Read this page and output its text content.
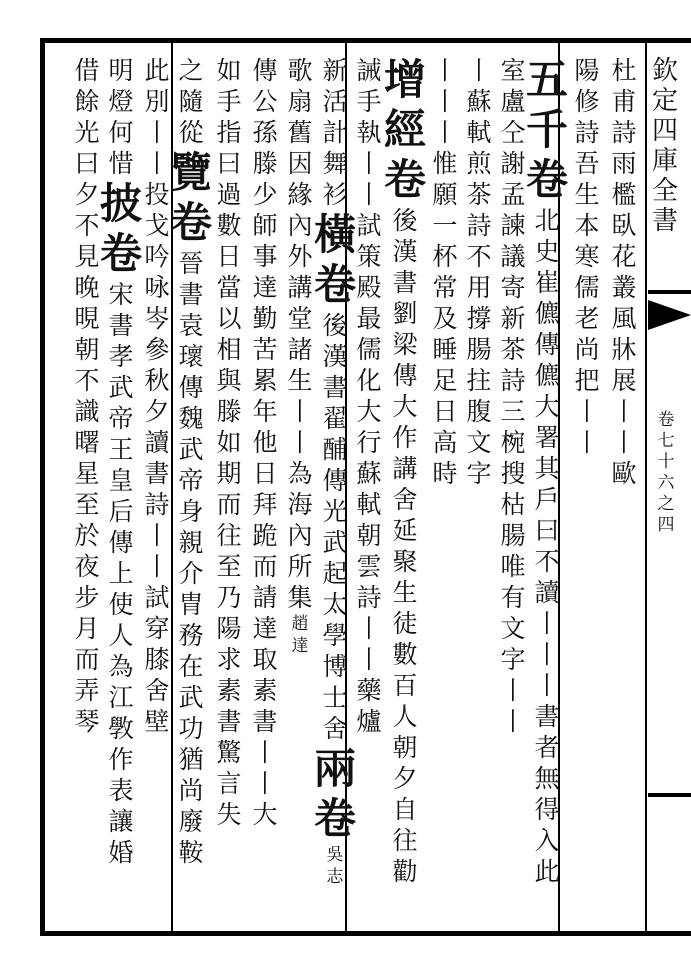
欽
定
四
庫
全
書
卷
七
十
六
之
四
杜
甫
詩
雨
檻
臥
花
叢
風
牀
展
丨
丨
歐
陽
修
詩
吾
生
本
寒
儒
老
尚
把
丨
丨
五
千
卷
北
史
崔
儦
傳
儦
大
署
其
戶
曰
不
讀
丨
丨
丨
書
者
無
得
入
此
室
盧
仝
謝
孟
諫
議
寄
新
茶
詩
三
椀
搜
枯
腸
唯
有
文
字
丨
丨
丨
蘇
軾
煎
茶
詩
不
用
撐
腸
拄
腹
文
字
丨
丨
丨
惟
願
一
杯
常
及
睡
足
日
高
時
增
經
卷
後
漢
書
劉
梁
傳
大
作
講
舍
延
聚
生
徒
數
百
人
朝
夕
自
往
勸
誡
手
執
丨
丨
試
策
殿
最
儒
化
大
行
蘇
軾
朝
雲
詩
丨
丨
藥
爐
新
活
計
舞
衫
橫
卷
後
漢
書
翟
酺
傳
光
武
起
太
學
博
士
舍
兩
卷
吳
志
歌
扇
舊
因
緣
內
外
講
堂
諸
生
丨
丨
為
海
內
所
集
趙
達
傳
公
孫
滕
少
師
事
達
勤
苦
累
年
他
日
拜
跪
而
請
達
取
素
書
丨
丨
大
如
手
指
曰
過
數
日
當
以
相
與
滕
如
期
而
往
至
乃
陽
求
素
書
驚
言
失
之
隨
從
覽
卷
晉
書
袁
瓌
傳
魏
武
帝
身
親
介
胄
務
在
武
功
猶
尚
廢
鞍
此
別
丨
丨
投
戈
吟
咏
岑
參
秋
夕
讀
書
詩
丨
丨
試
穿
膝
舍
壁
明
燈
何
惜
披
卷
宋
書
孝
武
帝
王
皇
后
傳
上
使
人
為
江
斆
作
表
讓
婚
借
餘
光
曰
夕
不
見
晚
晛
朝
不
識
曙
星
至
於
夜
步
月
而
弄
琴
